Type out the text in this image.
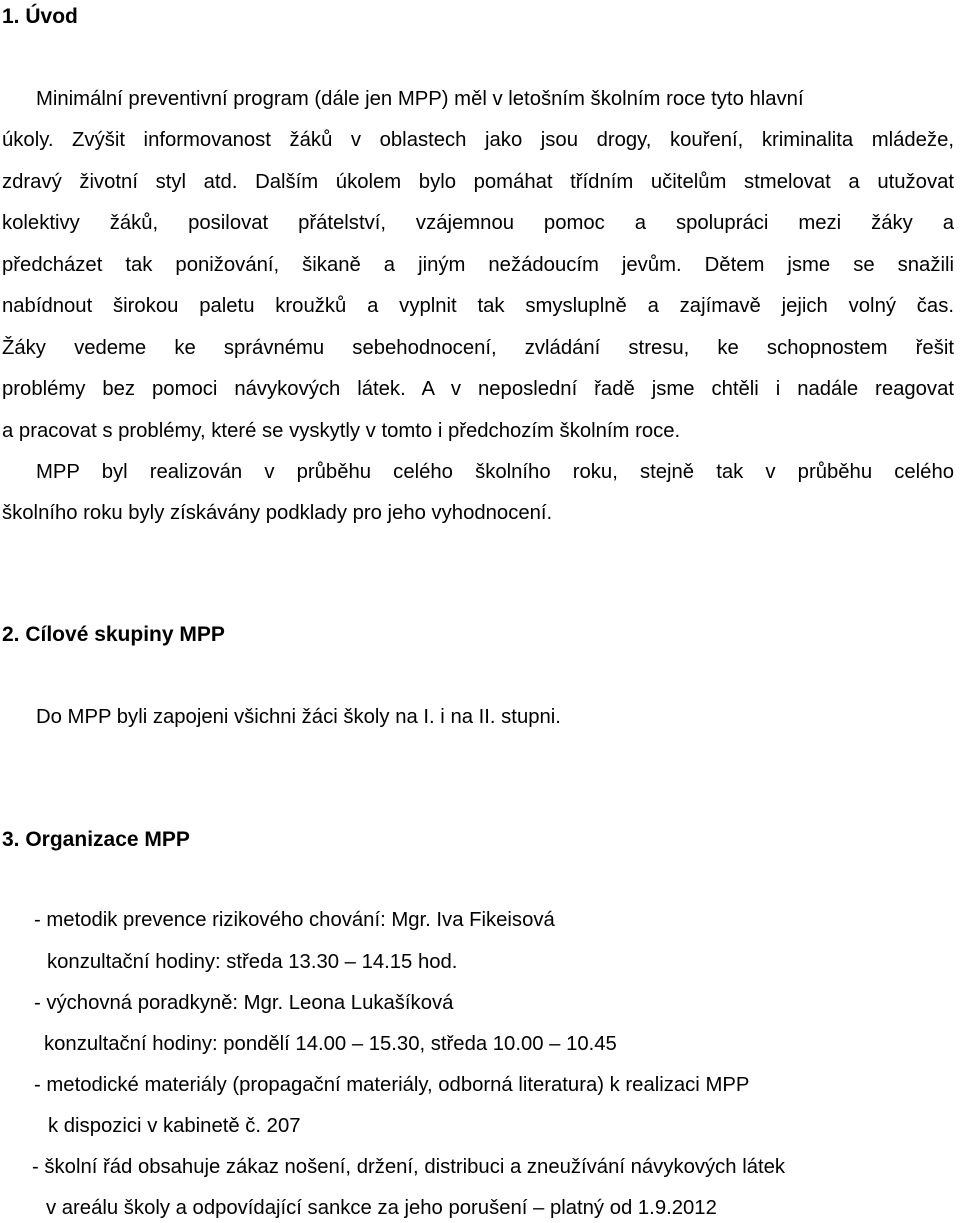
1. Úvod
Minimální preventivní program (dále jen MPP) měl v letošním školním roce tyto hlavní
úkoly. Zvýšit informovanost žáků v oblastech jako jsou drogy, kouření, kriminalita mládeže,
zdravý životní styl atd. Dalším úkolem bylo pomáhat třídním učitelům stmelovat a utužovat
kolektivy žáků, posilovat přátelství, vzájemnou pomoc a spolupráci mezi žáky a
předcházet tak ponižování, šikaně a jiným nežádoucím jevům. Dětem jsme se snažili
nabídnout širokou paletu kroužků a vyplnit tak smysluplně a zajímavě jejich volný čas.
Žáky vedeme ke správnému sebehodnocení, zvládání stresu, ke schopnostem řešit
problémy bez pomoci návykových látek. A v neposlední řadě jsme chtěli i nadále reagovat
a pracovat s problémy, které se vyskytly v tomto i předchozím školním roce.
MPP byl realizován v průběhu celého školního roku, stejně tak v průběhu celého
školního roku byly získávány podklady pro jeho vyhodnocení.
2. Cílové skupiny MPP
Do MPP byli zapojeni všichni žáci školy na I. i na II. stupni.
3. Organizace MPP
- metodik prevence rizikového chování: Mgr. Iva Fikeisová
konzultační hodiny: středa 13.30 – 14.15 hod.
- výchovná poradkyně: Mgr. Leona Lukašíková
konzultační hodiny: pondělí 14.00 – 15.30, středa 10.00 – 10.45
- metodické materiály (propagační materiály, odborná literatura) k realizaci MPP
k dispozici v kabinetě č. 207
- školní řád obsahuje zákaz nošení, držení, distribuci a zneužívání návykových látek
v areálu školy a odpovídající sankce za jeho porušení – platný od 1.9.2012
